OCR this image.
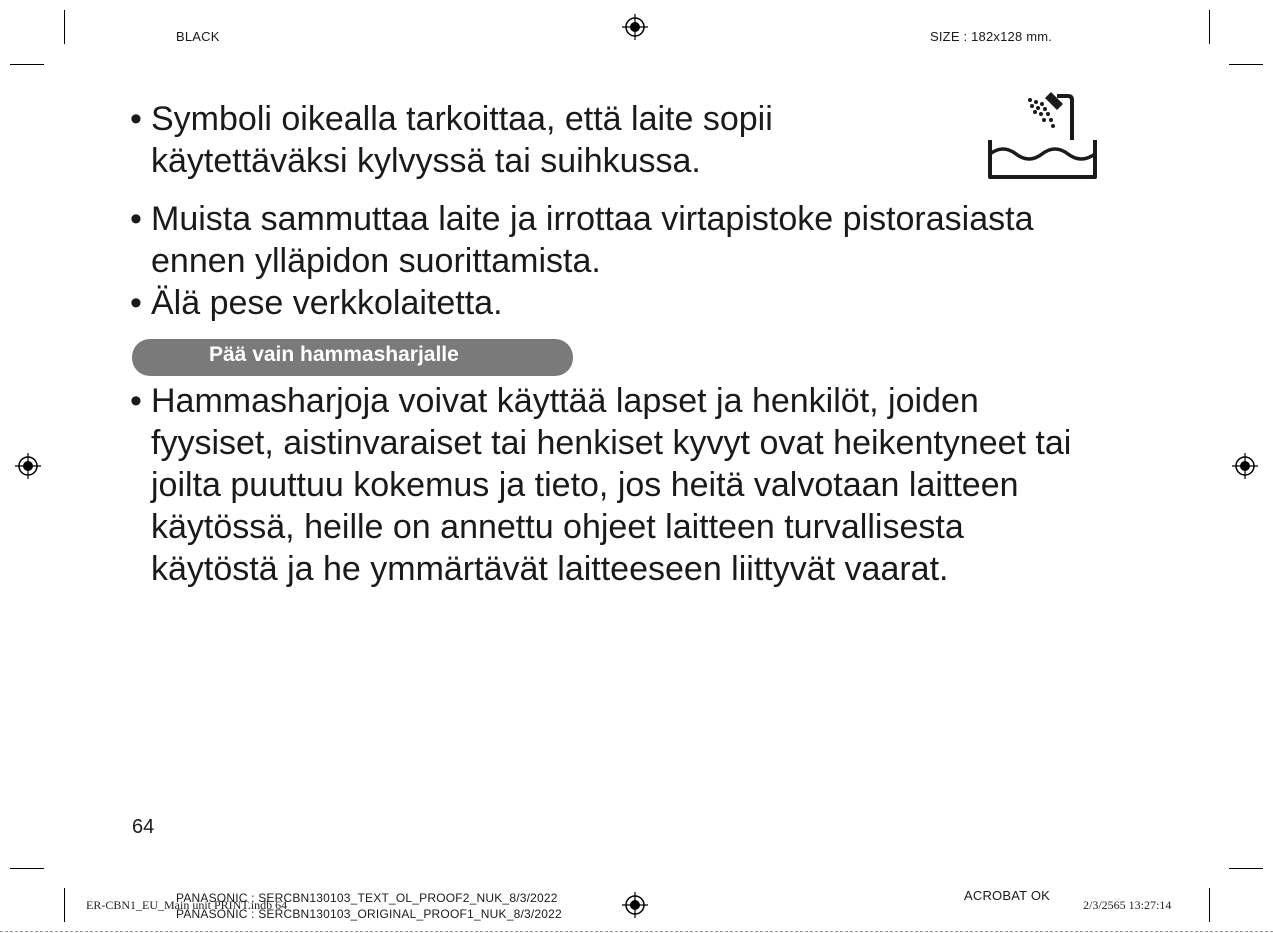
BLACK	SIZE : 182x128 mm.
• Symboli oikealla tarkoittaa, että laite sopii
käytettäväksi kylvyssä tai suihkussa.
• Muista sammuttaa laite ja irrottaa virtapistoke pistorasiasta
ennen ylläpidon suorittamista.
• Älä pese verkkolaitetta.
Pää vain hammasharjalle
• Hammasharjoja voivat käyttää lapset ja henkilöt, joiden
fyysiset, aistinvaraiset tai henkiset kyvyt ovat heikentyneet tai
joilta puuttuu kokemus ja tieto, jos heitä valvotaan laitteen
käytössä, heille on annettu ohjeet laitteen turvallisesta
käytöstä ja he ymmärtävät laitteeseen liittyvät vaarat.
64
ER-CBN1_EU_Main unit PRINT.indb 64
PANASONIC : SERCBN130103_TEXT_OL_PROOF2_NUK_8/3/2022
PANASONIC : SERCBN130103_ORIGINAL_PROOF1_NUK_8/3/2022
ACROBAT OK
2/3/2565 13:27:14
